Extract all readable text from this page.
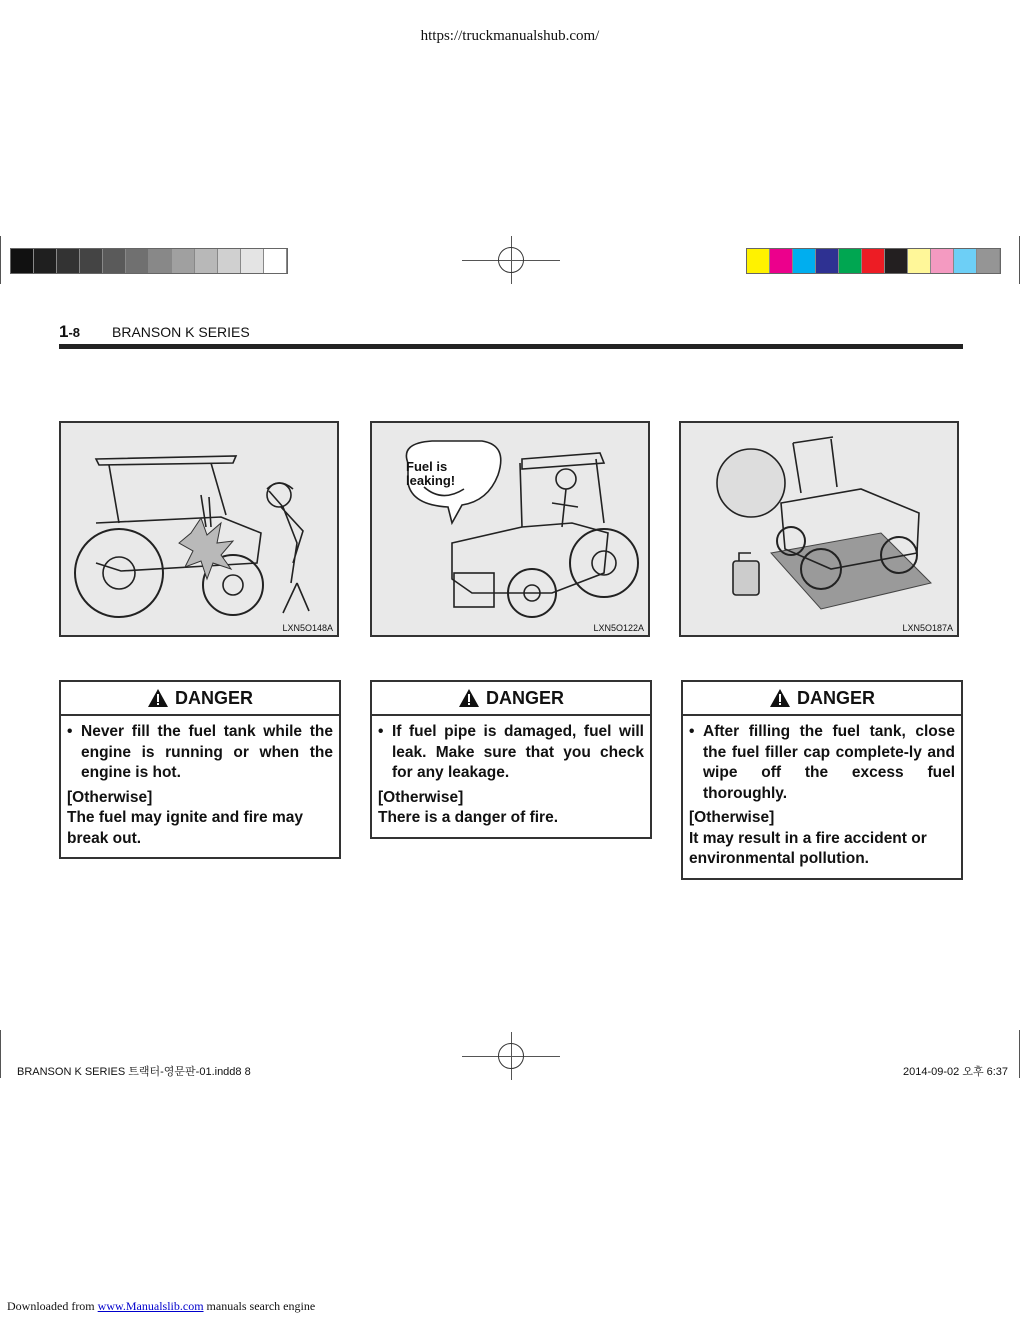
https://truckmanualshub.com/
1-8 BRANSON K SERIES
LXN5O148A
Fuel is
leaking!
LXN5O122A	LXN5O187A
DANGER

• Never fill the fuel tank while the engine is running or when the engine is hot.

[Otherwise]

The fuel may ignite and fire may break out.

DANGER

• If fuel pipe is damaged, fuel will leak. Make sure that you check for any leakage.

[Otherwise]

There is a danger of fire.

DANGER

• After filling the fuel tank, close the fuel filler cap complete-ly and wipe off the excess fuel thoroughly.

[Otherwise]

It may result in a fire accident or environmental pollution.

BRANSON K SERIES 트랙터-영문판-01.indd8 8	2014-09-02 오후 6:37
Downloaded from www.Manualslib.com manuals search engine
